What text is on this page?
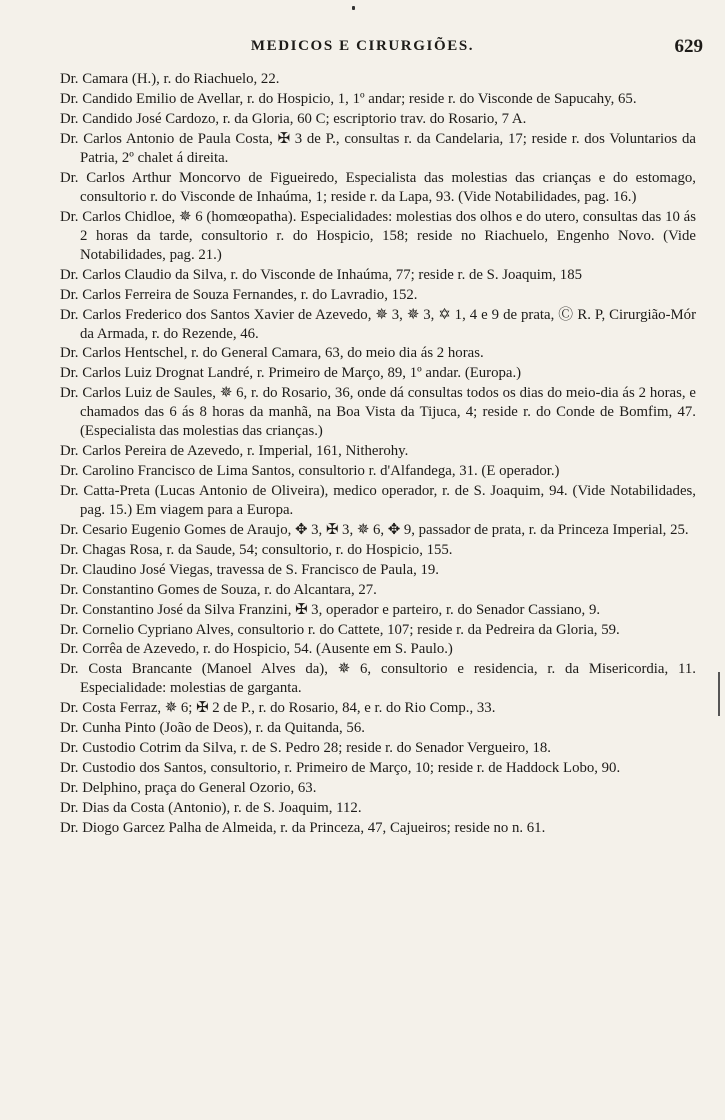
MEDICOS E CIRURGIÕES.	629

Dr. Camara (H.), r. do Riachuelo, 22.

Dr. Candido Emilio de Avellar, r. do Hospicio, 1, 1º andar; reside r. do Visconde de Sapucahy, 65.

Dr. Candido José Cardozo, r. da Gloria, 60 C; escriptorio trav. do Rosario, 7 A.

Dr. Carlos Antonio de Paula Costa, ✠ 3 de P., consultas r. da Candelaria, 17; reside r. dos Voluntarios da Patria, 2º chalet á direita.

Dr. Carlos Arthur Moncorvo de Figueiredo, Especialista das molestias das crianças e do estomago, consultorio r. do Visconde de Inhaúma, 1; reside r. da Lapa, 93. (Vide Notabilidades, pag. 16.)

Dr. Carlos Chidloe, ✵ 6 (homœopatha). Especialidades: molestias dos olhos e do utero, consultas das 10 ás 2 horas da tarde, consultorio r. do Hospicio, 158; reside no Riachuelo, Engenho Novo. (Vide Notabilidades, pag. 21.)

Dr. Carlos Claudio da Silva, r. do Visconde de Inhaúma, 77; reside r. de S. Joaquim, 185

Dr. Carlos Ferreira de Souza Fernandes, r. do Lavradio, 152.

Dr. Carlos Frederico dos Santos Xavier de Azevedo, ✵ 3, ✵ 3, ✡ 1, 4 e 9 de prata, Ⓒ R. P, Cirurgião-Mór da Armada, r. do Rezende, 46.

Dr. Carlos Hentschel, r. do General Camara, 63, do meio dia ás 2 horas.

Dr. Carlos Luiz Drognat Landré, r. Primeiro de Março, 89, 1º andar. (Europa.)

Dr. Carlos Luiz de Saules, ✵ 6, r. do Rosario, 36, onde dá consultas todos os dias do meio-dia ás 2 horas, e chamados das 6 ás 8 horas da manhã, na Boa Vista da Tijuca, 4; reside r. do Conde de Bomfim, 47. (Especialista das molestias das crianças.)

Dr. Carlos Pereira de Azevedo, r. Imperial, 161, Nitherohy.

Dr. Carolino Francisco de Lima Santos, consultorio r. d'Alfandega, 31. (E operador.)

Dr. Catta-Preta (Lucas Antonio de Oliveira), medico operador, r. de S. Joaquim, 94. (Vide Notabilidades, pag. 15.) Em viagem para a Europa.

Dr. Cesario Eugenio Gomes de Araujo, ✥ 3, ✠ 3, ✵ 6, ✥ 9, passador de prata, r. da Princeza Imperial, 25.

Dr. Chagas Rosa, r. da Saude, 54; consultorio, r. do Hospicio, 155.

Dr. Claudino José Viegas, travessa de S. Francisco de Paula, 19.

Dr. Constantino Gomes de Souza, r. do Alcantara, 27.

Dr. Constantino José da Silva Franzini, ✠ 3, operador e parteiro, r. do Senador Cassiano, 9.

Dr. Cornelio Cypriano Alves, consultorio r. do Cattete, 107; reside r. da Pedreira da Gloria, 59.

Dr. Corrêa de Azevedo, r. do Hospicio, 54. (Ausente em S. Paulo.)

Dr. Costa Brancante (Manoel Alves da), ✵ 6, consultorio e residencia, r. da Misericordia, 11. Especialidade: molestias de garganta.

Dr. Costa Ferraz, ✵ 6; ✠ 2 de P., r. do Rosario, 84, e r. do Rio Comp., 33.

Dr. Cunha Pinto (João de Deos), r. da Quitanda, 56.

Dr. Custodio Cotrim da Silva, r. de S. Pedro 28; reside r. do Senador Vergueiro, 18.

Dr. Custodio dos Santos, consultorio, r. Primeiro de Março, 10; reside r. de Haddock Lobo, 90.

Dr. Delphino, praça do General Ozorio, 63.

Dr. Dias da Costa (Antonio), r. de S. Joaquim, 112.

Dr. Diogo Garcez Palha de Almeida, r. da Princeza, 47, Cajueiros; reside no n. 61.
